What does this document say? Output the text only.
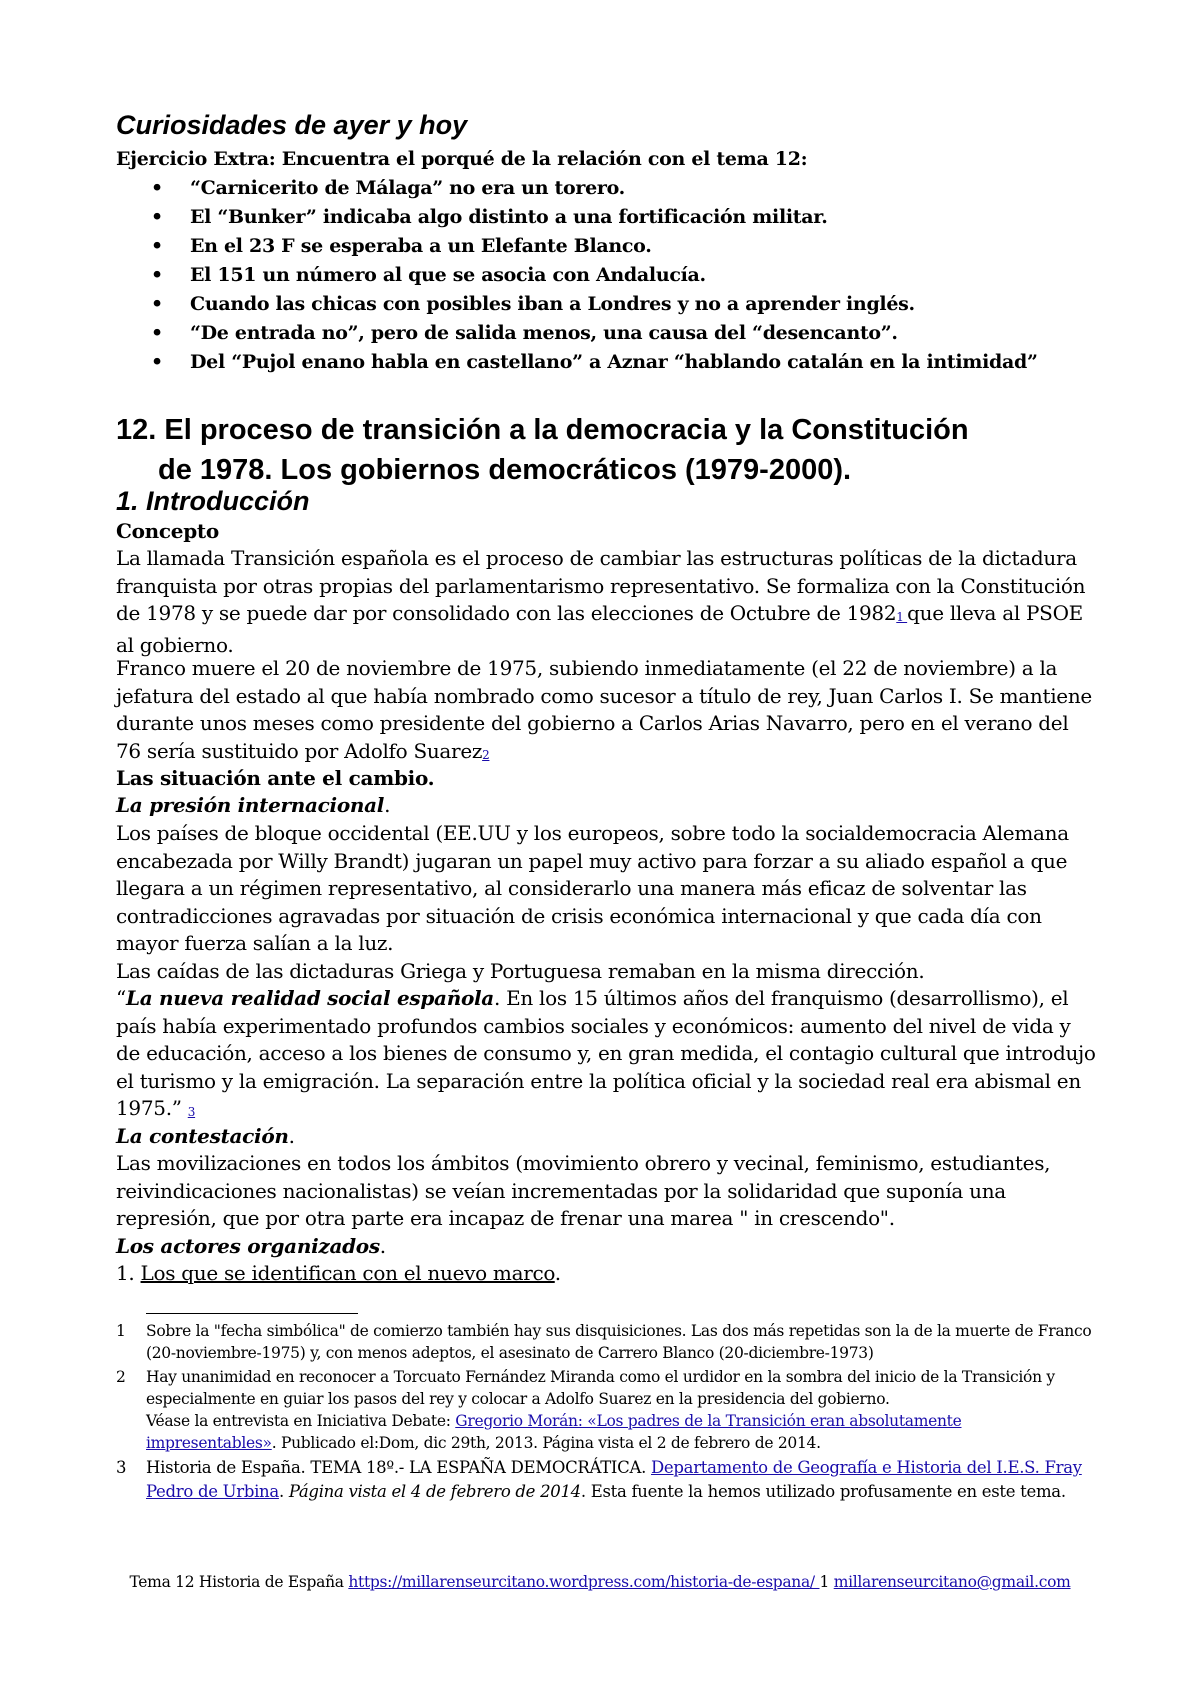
Curiosidades de ayer y hoy

Ejercicio Extra: Encuentra el porqué de la relación con el tema 12:

• “Carnicerito de Málaga” no era un torero.
• El “Bunker” indicaba algo distinto a una fortificación militar.
• En el 23 F se esperaba a un Elefante Blanco.
• El 151 un número al que se asocia con Andalucía.
• Cuando las chicas con posibles iban a Londres y no a aprender inglés.
• “De entrada no”, pero de salida menos, una causa del “desencanto”.
• Del “Pujol enano habla en castellano” a Aznar “hablando catalán en la intimidad”
12. El proceso de transición a la democracia y la Constitución
de 1978. Los gobiernos democráticos (1979-2000).
1. Introducción

Concepto

La llamada Transición española es el proceso de cambiar las estructuras políticas de la dictadura franquista por otras propias del parlamentarismo representativo. Se formaliza con la Constitución de 1978 y se puede dar por consolidado con las elecciones de Octubre de 19821 que lleva al PSOE al gobierno.

Franco muere el 20 de noviembre de 1975, subiendo inmediatamente (el 22 de noviembre) a la jefatura del estado al que había nombrado como sucesor a título de rey, Juan Carlos I. Se mantiene durante unos meses como presidente del gobierno a Carlos Arias Navarro, pero en el verano del 76 sería sustituido por Adolfo Suarez2

Las situación ante el cambio.

La presión internacional.

Los países de bloque occidental (EE.UU y los europeos, sobre todo la socialdemocracia Alemana encabezada por Willy Brandt) jugaran un papel muy activo para forzar a su aliado español a que llegara a un régimen representativo, al considerarlo una manera más eficaz de solventar las contradicciones agravadas por situación de crisis económica internacional y que cada día con mayor fuerza salían a la luz.

Las caídas de las dictaduras Griega y Portuguesa remaban en la misma dirección.

“La nueva realidad social española. En los 15 últimos años del franquismo (desarrollismo), el país había experimentado profundos cambios sociales y económicos: aumento del nivel de vida y de educación, acceso a los bienes de consumo y, en gran medida, el contagio cultural que introdujo el turismo y la emigración. La separación entre la política oficial y la sociedad real era abismal en 1975.” 3

La contestación.

Las movilizaciones en todos los ámbitos (movimiento obrero y vecinal, feminismo, estudiantes, reivindicaciones nacionalistas) se veían incrementadas por la solidaridad que suponía una represión, que por otra parte era incapaz de frenar una marea " in crescendo".

Los actores organizados.

1. Los que se identifican con el nuevo marco.

1 Sobre la "fecha simbólica" de comierzo también hay sus disquisiciones. Las dos más repetidas son la de la muerte de Franco (20-noviembre-1975) y, con menos adeptos, el asesinato de Carrero Blanco (20-diciembre-1973)
2 Hay unanimidad en reconocer a Torcuato Fernández Miranda como el urdidor en la sombra del inicio de la Transición y especialmente en guiar los pasos del rey y colocar a Adolfo Suarez en la presidencia del gobierno.
Véase la entrevista en Iniciativa Debate: Gregorio Morán: «Los padres de la Transición eran absolutamente impresentables». Publicado el:Dom, dic 29th, 2013. Página vista el 2 de febrero de 2014.
3 Historia de España. TEMA 18º.- LA ESPAÑA DEMOCRÁTICA. Departamento de Geografía e Historia del I.E.S. Fray Pedro de Urbina. Página vista el 4 de febrero de 2014. Esta fuente la hemos utilizado profusamente en este tema.
Tema 12 Historia de España https://millarenseurcitano.wordpress.com/historia-de-espana/ 1 millarenseurcitano@gmail.com
